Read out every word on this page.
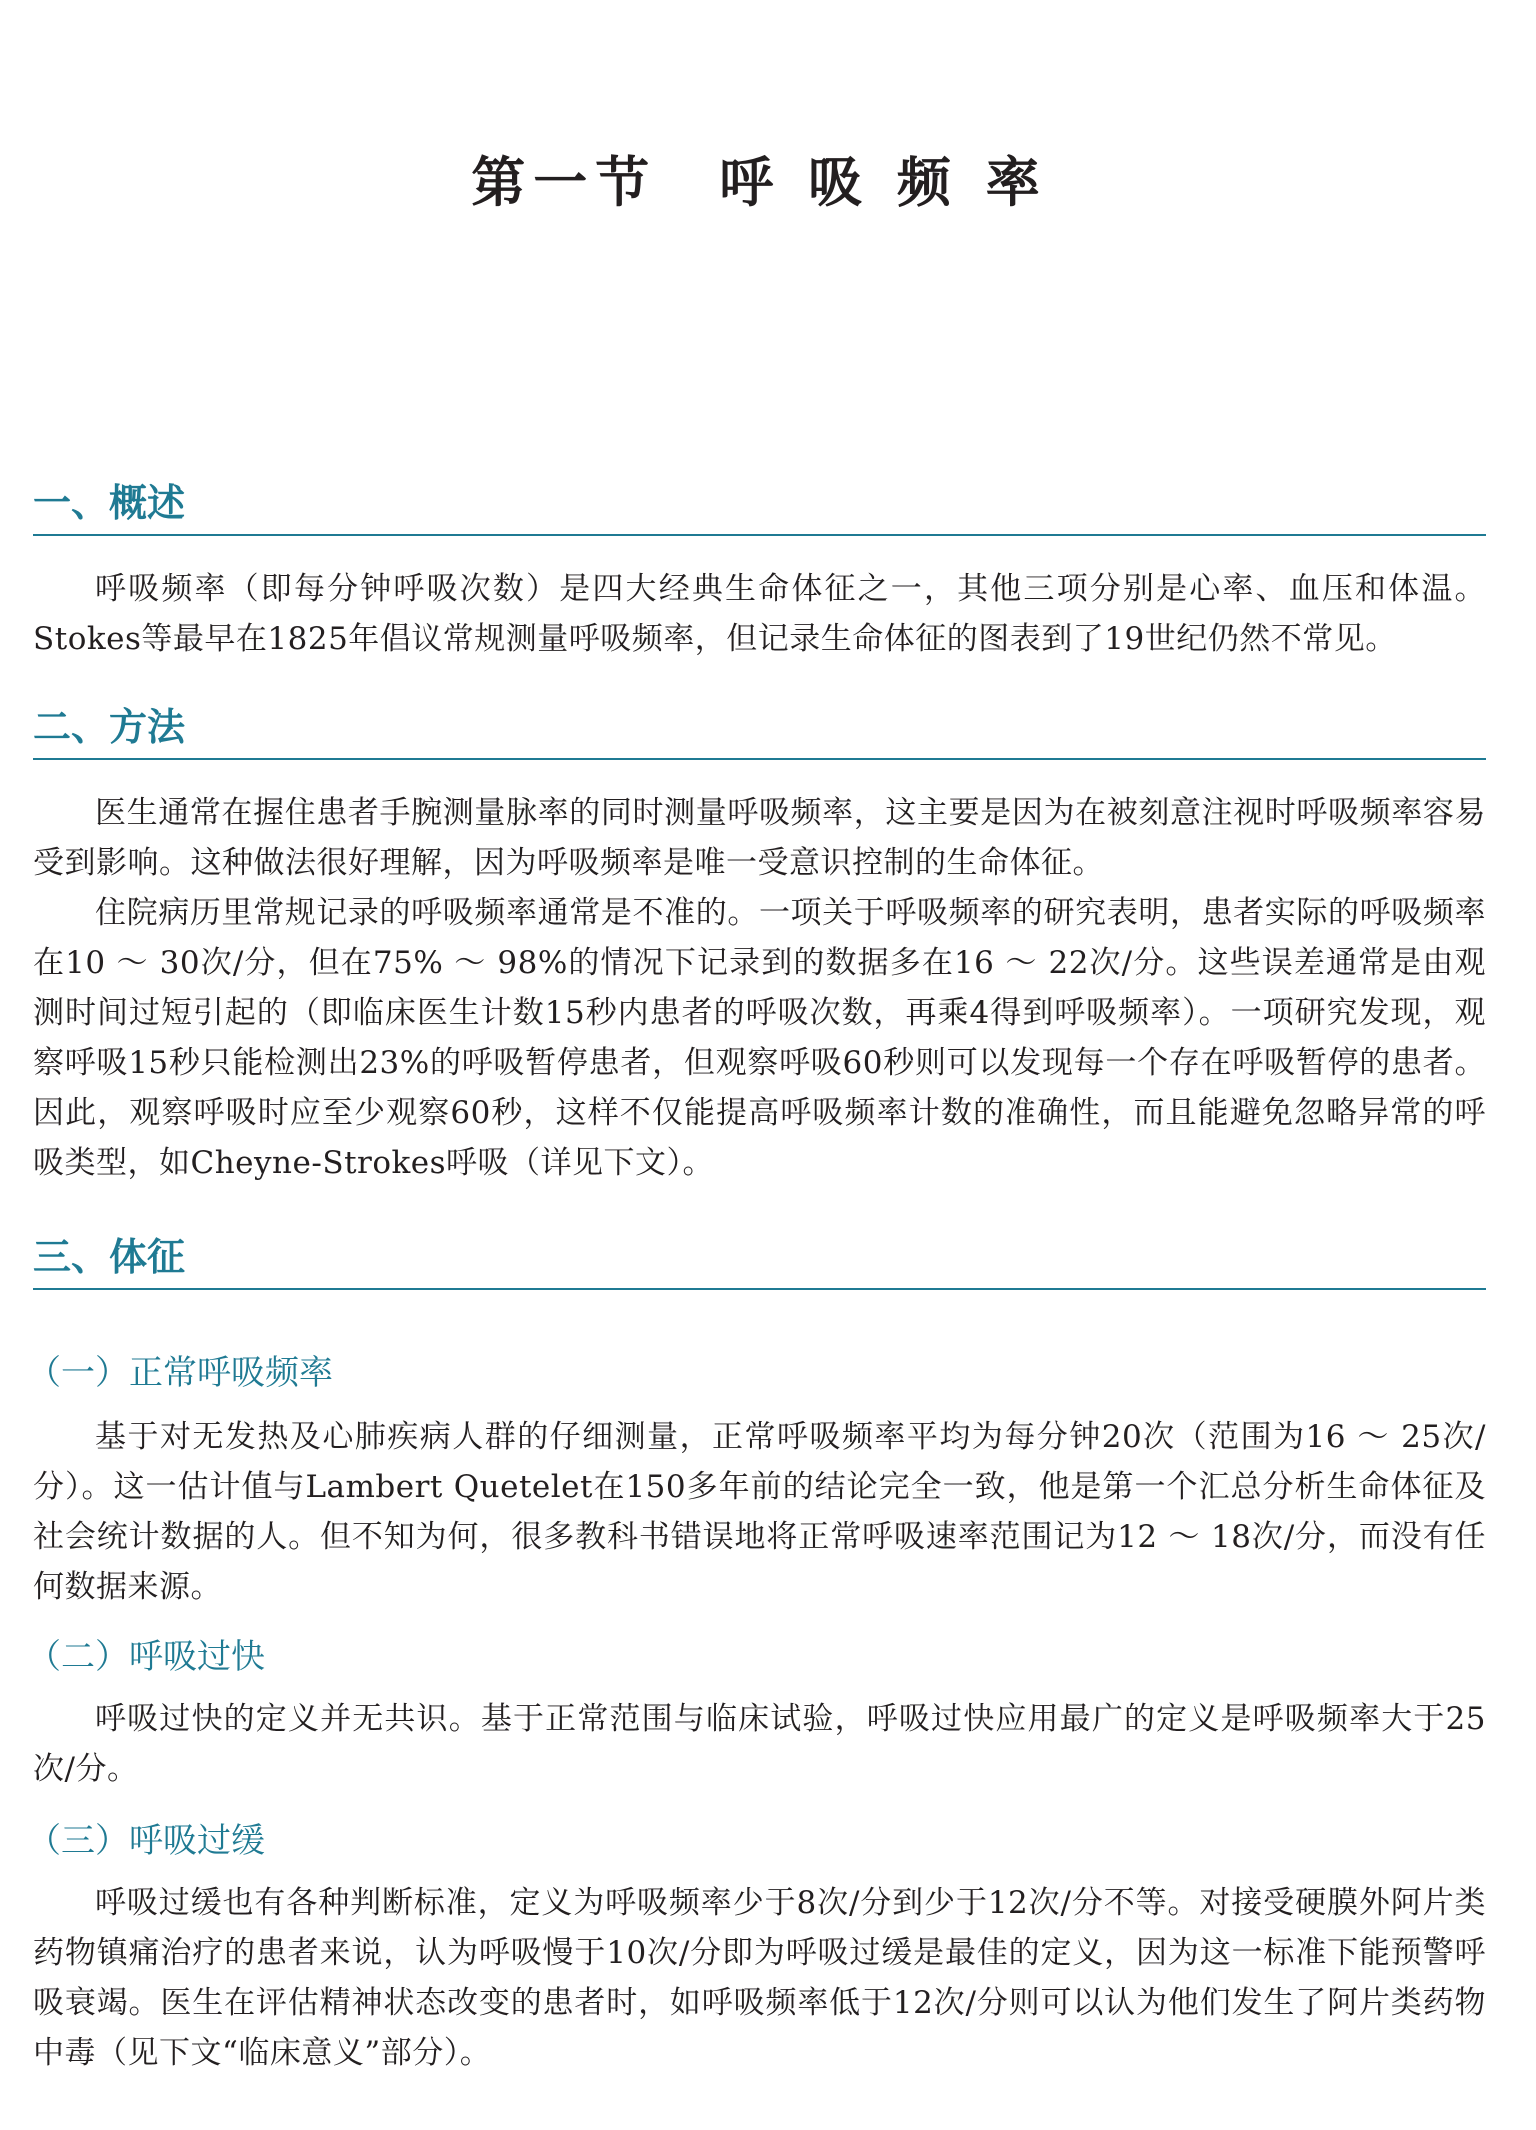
第一节　呼 吸 频 率
一、概述

呼吸频率（即每分钟呼吸次数）是四大经典生命体征之一，其他三项分别是心率、血压和体温。Stokes等最早在1825年倡议常规测量呼吸频率，但记录生命体征的图表到了19世纪仍然不常见。

二、方法

医生通常在握住患者手腕测量脉率的同时测量呼吸频率，这主要是因为在被刻意注视时呼吸频率容易受到影响。这种做法很好理解，因为呼吸频率是唯一受意识控制的生命体征。

住院病历里常规记录的呼吸频率通常是不准的。一项关于呼吸频率的研究表明，患者实际的呼吸频率在10 ～ 30次/分，但在75% ～ 98%的情况下记录到的数据多在16 ～ 22次/分。这些误差通常是由观测时间过短引起的（即临床医生计数15秒内患者的呼吸次数，再乘4得到呼吸频率）。一项研究发现，观察呼吸15秒只能检测出23%的呼吸暂停患者，但观察呼吸60秒则可以发现每一个存在呼吸暂停的患者。因此，观察呼吸时应至少观察60秒，这样不仅能提高呼吸频率计数的准确性，而且能避免忽略异常的呼吸类型，如Cheyne-Strokes呼吸（详见下文）。

三、体征
（一）正常呼吸频率

基于对无发热及心肺疾病人群的仔细测量，正常呼吸频率平均为每分钟20次（范围为16 ～ 25次/分）。这一估计值与Lambert Quetelet在150多年前的结论完全一致，他是第一个汇总分析生命体征及社会统计数据的人。但不知为何，很多教科书错误地将正常呼吸速率范围记为12 ～ 18次/分，而没有任何数据来源。

（二）呼吸过快

呼吸过快的定义并无共识。基于正常范围与临床试验，呼吸过快应用最广的定义是呼吸频率大于25次/分。

（三）呼吸过缓

呼吸过缓也有各种判断标准，定义为呼吸频率少于8次/分到少于12次/分不等。对接受硬膜外阿片类药物镇痛治疗的患者来说，认为呼吸慢于10次/分即为呼吸过缓是最佳的定义，因为这一标准下能预警呼吸衰竭。医生在评估精神状态改变的患者时，如呼吸频率低于12次/分则可以认为他们发生了阿片类药物中毒（见下文“临床意义”部分）。
